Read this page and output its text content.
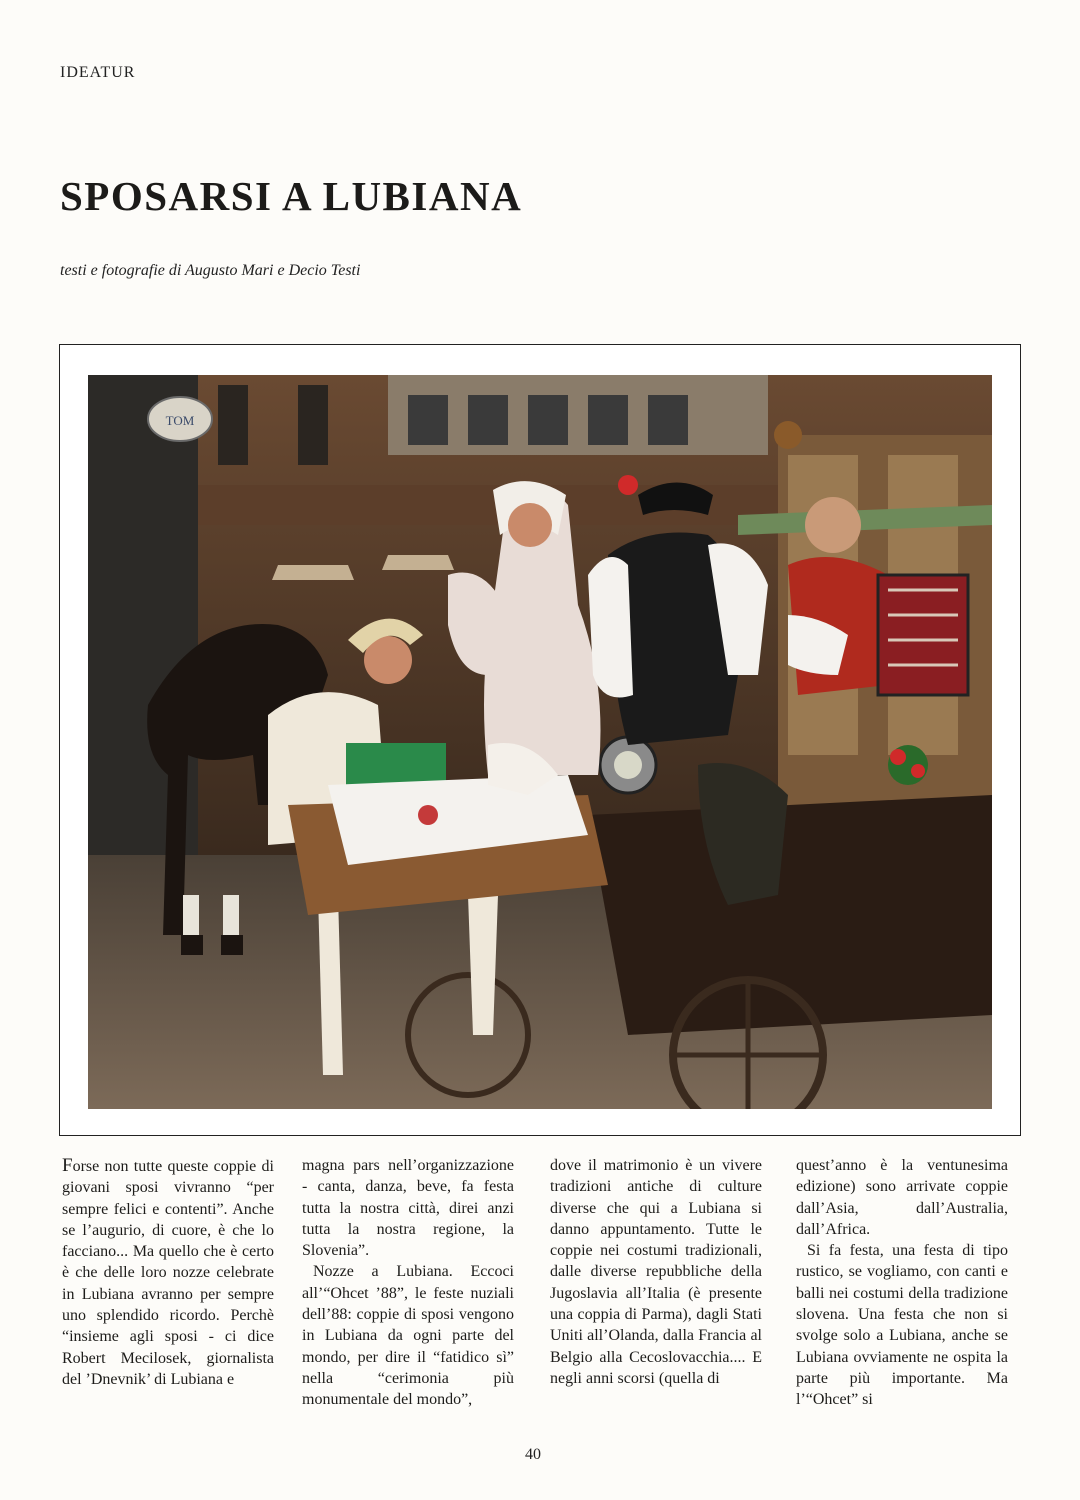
IDEATUR
SPOSARSI A LUBIANA
testi e fotografie di Augusto Mari e Decio Testi
TOM

Forse non tutte queste coppie di giovani sposi vivranno “per sempre felici e contenti”. Anche se l’augurio, di cuore, è che lo facciano... Ma quello che è certo è che delle loro nozze celebrate in Lubiana avranno per sempre uno splendido ricordo. Perchè “insieme agli sposi - ci dice Robert Mecilosek, giornalista del ’Dnevnik’ di Lubiana e

magna pars nell’organizzazione - canta, danza, beve, fa festa tutta la nostra città, direi anzi tutta la nostra regione, la Slovenia”.

Nozze a Lubiana. Eccoci all’“Ohcet ’88”, le feste nuziali dell’88: coppie di sposi vengono in Lubiana da ogni parte del mondo, per dire il “fatidico sì” nella “cerimonia più monumentale del mondo”,

dove il matrimonio è un vivere tradizioni antiche di culture diverse che qui a Lubiana si danno appuntamento. Tutte le coppie nei costumi tradizionali, dalle diverse repubbliche della Jugoslavia all’Italia (è presente una coppia di Parma), dagli Stati Uniti all’Olanda, dalla Francia al Belgio alla Cecoslovacchia.... E negli anni scorsi (quella di

quest’anno è la ventunesima edizione) sono arrivate coppie dall’Asia, dall’Australia, dall’Africa.

Si fa festa, una festa di tipo rustico, se vogliamo, con canti e balli nei costumi della tradizione slovena. Una festa che non si svolge solo a Lubiana, anche se Lubiana ovviamente ne ospita la parte più importante. Ma l’“Ohcet” si

40
